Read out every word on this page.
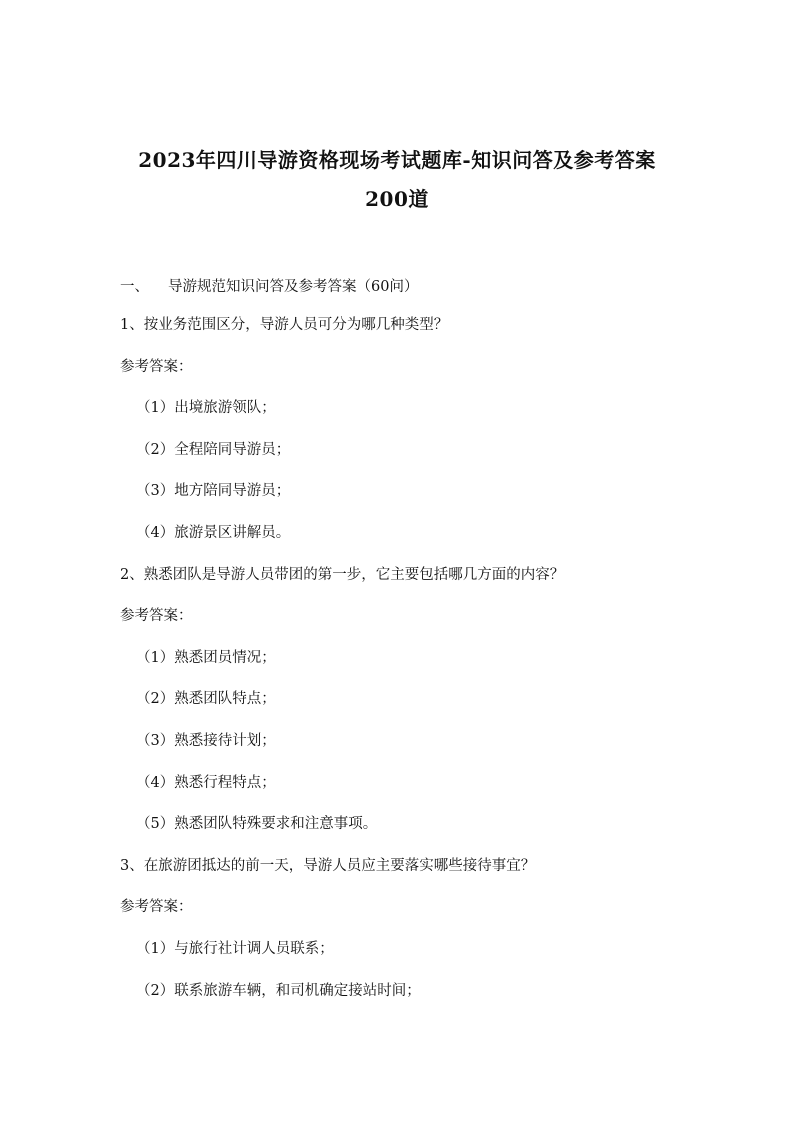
2023年四川导游资格现场考试题库-知识问答及参考答案
200道
一、 导游规范知识问答及参考答案（60问）
1、按业务范围区分，导游人员可分为哪几种类型？
参考答案：
（1）出境旅游领队；
（2）全程陪同导游员；
（3）地方陪同导游员；
（4）旅游景区讲解员。
2、熟悉团队是导游人员带团的第一步，它主要包括哪几方面的内容？
参考答案：
（1）熟悉团员情况；
（2）熟悉团队特点；
（3）熟悉接待计划；
（4）熟悉行程特点；
（5）熟悉团队特殊要求和注意事项。
3、在旅游团抵达的前一天，导游人员应主要落实哪些接待事宜？
参考答案：
（1）与旅行社计调人员联系；
（2）联系旅游车辆，和司机确定接站时间；
